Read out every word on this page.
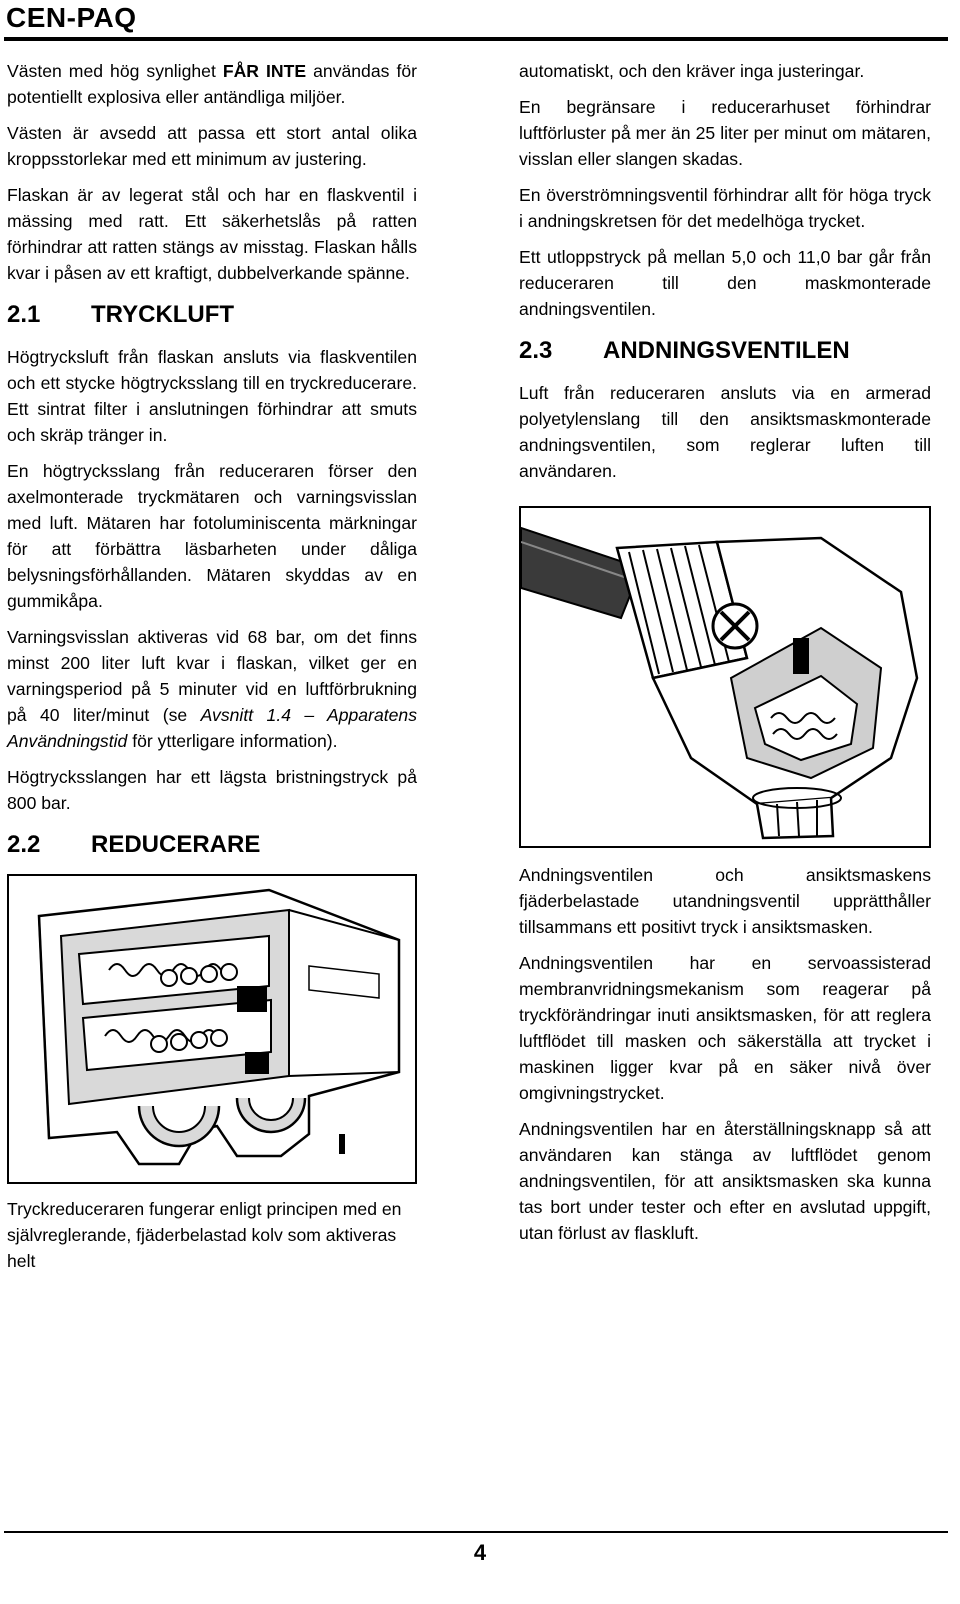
CEN-PAQ

Västen med hög synlighet FÅR INTE användas för potentiellt explosiva eller antändliga miljöer.

Västen är avsedd att passa ett stort antal olika kroppsstorlekar med ett minimum av justering.

Flaskan är av legerat stål och har en flaskventil i mässing med ratt. Ett säkerhetslås på ratten förhindrar att ratten stängs av misstag. Flaskan hålls kvar i påsen av ett kraftigt, dubbelverkande spänne.

2.1 TRYCKLUFT

Högtrycksluft från flaskan ansluts via flaskventilen och ett stycke högtrycksslang till en tryckreducerare. Ett sintrat filter i anslutningen förhindrar att smuts och skräp tränger in.

En högtrycksslang från reduceraren förser den axelmonterade tryckmätaren och varningsvisslan med luft. Mätaren har fotoluminiscenta märkningar för att förbättra läsbarheten under dåliga belysningsförhållanden. Mätaren skyddas av en gummikåpa.

Varningsvisslan aktiveras vid 68 bar, om det finns minst 200 liter luft kvar i flaskan, vilket ger en varningsperiod på 5 minuter vid en luftförbrukning på 40 liter/minut (se Avsnitt 1.4 – Apparatens Användningstid för ytterligare information).

Högtrycksslangen har ett lägsta bristningstryck på 800 bar.

2.2 REDUCERARE

Tryckreduceraren fungerar enligt principen med en självreglerande, fjäderbelastad kolv som aktiveras helt

automatiskt, och den kräver inga justeringar.

En begränsare i reducerarhuset förhindrar luftförluster på mer än 25 liter per minut om mätaren, visslan eller slangen skadas.

En överströmningsventil förhindrar allt för höga tryck i andningskretsen för det medelhöga trycket.

Ett utloppstryck på mellan 5,0 och 11,0 bar går från reduceraren till den maskmonterade andningsventilen.

2.3 ANDNINGSVENTILEN

Luft från reduceraren ansluts via en armerad polyetylenslang till den ansiktsmaskmonterade andningsventilen, som reglerar luften till användaren.

Andningsventilen och ansiktsmaskens fjäderbelastade utandningsventil upprätthåller tillsammans ett positivt tryck i ansiktsmasken.

Andningsventilen har en servoassisterad membranvridningsmekanism som reagerar på tryckförändringar inuti ansiktsmasken, för att reglera luftflödet till masken och säkerställa att trycket i maskinen ligger kvar på en säker nivå över omgivningstrycket.

Andningsventilen har en återställningsknapp så att användaren kan stänga av luftflödet genom andningsventilen, för att ansiktsmasken ska kunna tas bort under tester och efter en avslutad uppgift, utan förlust av flaskluft.

4
